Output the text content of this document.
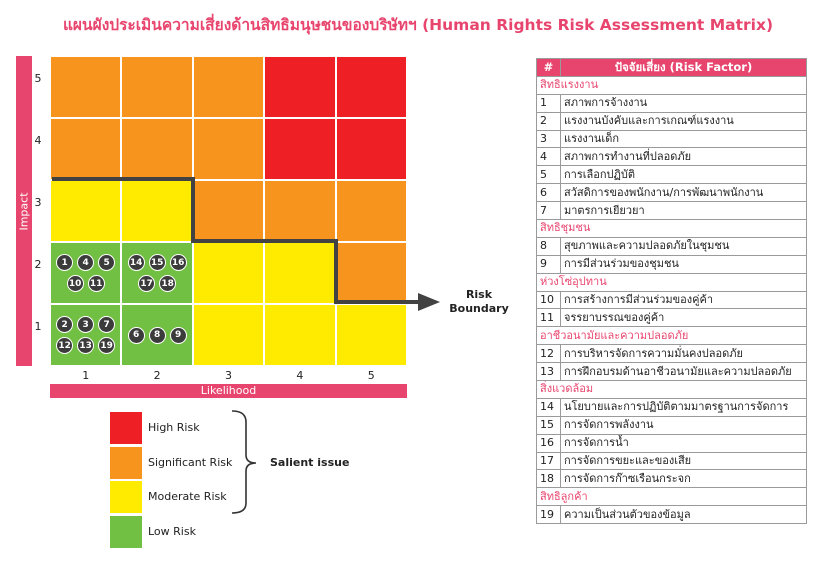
แผนผังประเมินความเสี่ยงด้านสิทธิมนุษชนของบริษัทฯ (Human Rights Risk Assessment Matrix)
Impact
5
4
3
2
1
1	4	5
10 11
14 15 16
17 18
2	3	7
12 13 19
6	8	9
1	2	3	4	5
Likelihood
Risk
Boundary
High Risk
Significant Risk
Moderate Risk
Low Risk
Salient issue
#	ปัจจัยเสี่ยง (Risk Factor)
สิทธิแรงงาน	
1	สภาพการจ้างงาน
2	แรงงานบังคับและการเกณฑ์แรงงาน
3	แรงงานเด็ก
4	สภาพการทำงานที่ปลอดภัย
5	การเลือกปฏิบัติ
6	สวัสดิการของพนักงาน/การพัฒนาพนักงาน
7	มาตรการเยียวยา
สิทธิชุมชน	
8	สุขภาพและความปลอดภัยในชุมชน
9	การมีส่วนร่วมของชุมชน
ห่วงโซ่อุปทาน	
10	การสร้างการมีส่วนร่วมของคู่ค้า
11	จรรยาบรรณของคู่ค้า
อาชีวอนามัยและความปลอดภัย	
12	การบริหารจัดการความมั่นคงปลอดภัย
13	การฝึกอบรมด้านอาชีวอนามัยและความปลอดภัย
สิ่งแวดล้อม	
14	นโยบายและการปฏิบัติตามมาตรฐานการจัดการ
15	การจัดการพลังงาน
16	การจัดการน้ำ
17	การจัดการขยะและของเสีย
18	การจัดการก๊าซเรือนกระจก
สิทธิลูกค้า	
19	ความเป็นส่วนตัวของข้อมูล
